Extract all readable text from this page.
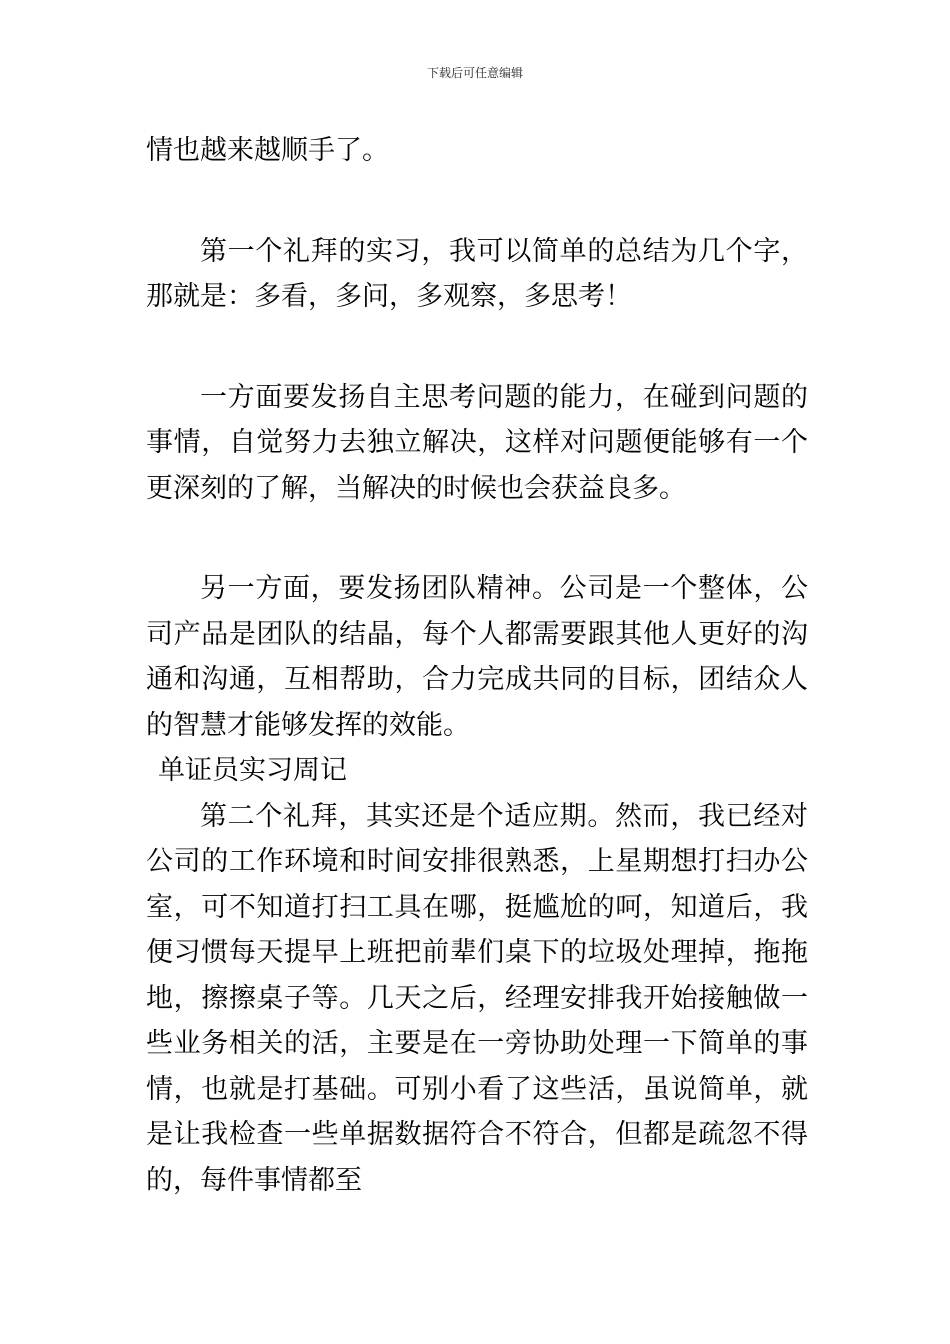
下载后可任意编辑

情也越来越顺手了。

第一个礼拜的实习，我可以简单的总结为几个字，那就是：多看，多问，多观察，多思考！

一方面要发扬自主思考问题的能力，在碰到问题的事情，自觉努力去独立解决，这样对问题便能够有一个更深刻的了解，当解决的时候也会获益良多。

另一方面，要发扬团队精神。公司是一个整体，公司产品是团队的结晶，每个人都需要跟其他人更好的沟通和沟通，互相帮助，合力完成共同的目标，团结众人的智慧才能够发挥的效能。

单证员实习周记

第二个礼拜，其实还是个适应期。然而，我已经对公司的工作环境和时间安排很熟悉，上星期想打扫办公室，可不知道打扫工具在哪，挺尴尬的呵，知道后，我便习惯每天提早上班把前辈们桌下的垃圾处理掉，拖拖地，擦擦桌子等。几天之后，经理安排我开始接触做一些业务相关的活，主要是在一旁协助处理一下简单的事情，也就是打基础。可别小看了这些活，虽说简单，就是让我检查一些单据数据符合不符合，但都是疏忽不得的，每件事情都至
